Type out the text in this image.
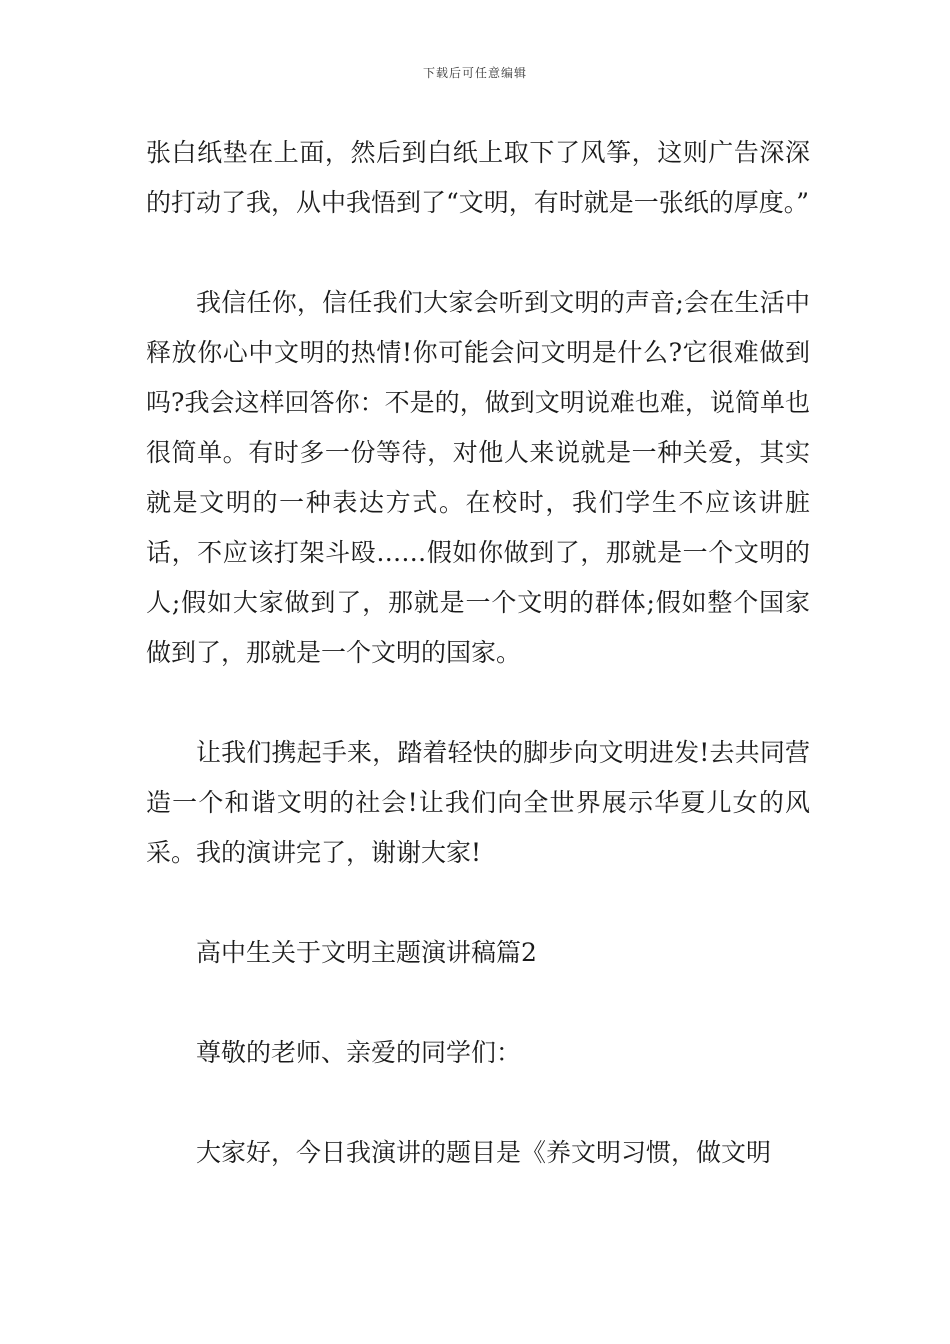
下载后可任意编辑

张白纸垫在上面，然后到白纸上取下了风筝，这则广告深深的打动了我，从中我悟到了“文明，有时就是一张纸的厚度。”

我信任你，信任我们大家会听到文明的声音;会在生活中释放你心中文明的热情!你可能会问文明是什么?它很难做到吗?我会这样回答你：不是的，做到文明说难也难，说简单也很简单。有时多一份等待，对他人来说就是一种关爱，其实就是文明的一种表达方式。在校时，我们学生不应该讲脏话，不应该打架斗殴……假如你做到了，那就是一个文明的人;假如大家做到了，那就是一个文明的群体;假如整个国家做到了，那就是一个文明的国家。

让我们携起手来，踏着轻快的脚步向文明进发!去共同营造一个和谐文明的社会!让我们向全世界展示华夏儿女的风采。我的演讲完了，谢谢大家!

高中生关于文明主题演讲稿篇2

尊敬的老师、亲爱的同学们：

大家好，今日我演讲的题目是《养文明习惯，做文明
